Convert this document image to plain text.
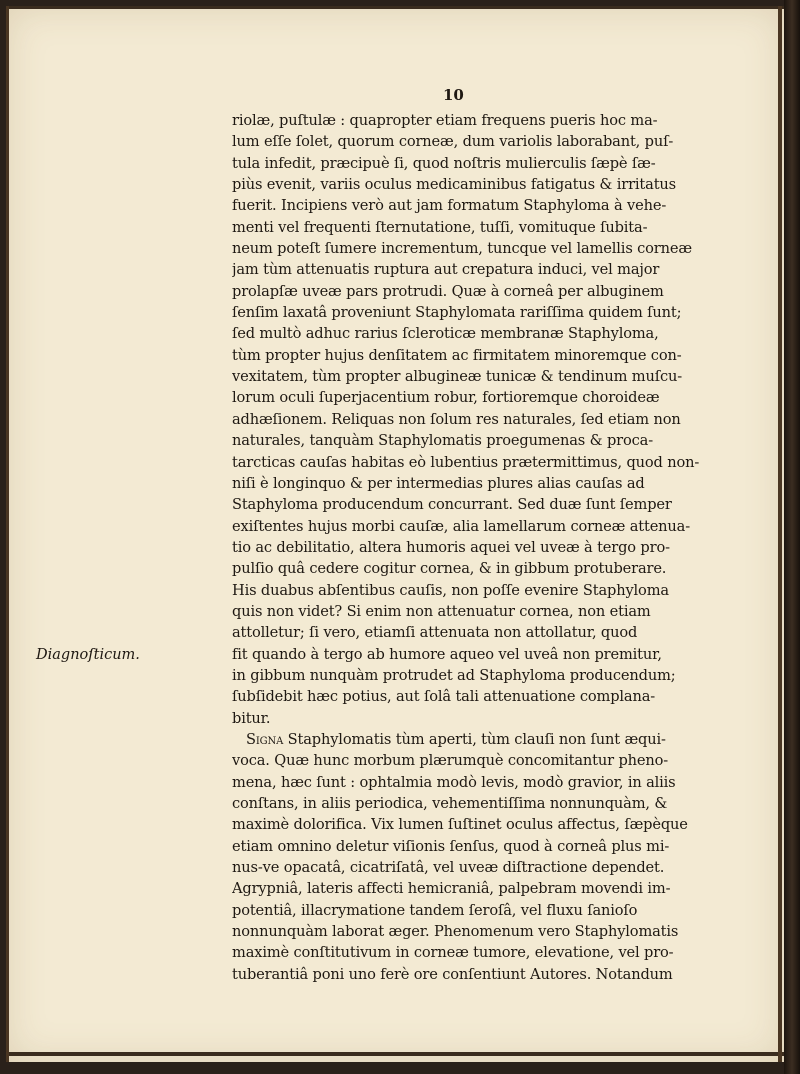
10
Diagnoſticum.
riolæ, puſtulæ : quapropter etiam frequens pueris hoc ma-
lum eſſe ſolet, quorum corneæ, dum variolis laborabant, puſ-
tula infedit, præcipuè ſi, quod noſtris mulierculis ſæpè ſæ-
piùs evenit, variis oculus medicaminibus fatigatus & irritatus
fuerit. Incipiens verò aut jam formatum Staphyloma à vehe-
menti vel frequenti ſternutatione, tuſſi, vomituque ſubita-
neum poteſt ſumere incrementum, tuncque vel lamellis corneæ
jam tùm attenuatis ruptura aut crepatura induci, vel major
prolapſæ uveæ pars protrudi. Quæ à corneâ per albuginem
ſenſim laxatâ proveniunt Staphylomata rariſſima quidem ſunt;
ſed multò adhuc rarius ſcleroticæ membranæ Staphyloma,
tùm propter hujus denſitatem ac firmitatem minoremque con-
vexitatem, tùm propter albugineæ tunicæ & tendinum muſcu-
lorum oculi ſuperjacentium robur, fortioremque choroideæ
adhæſionem. Reliquas non ſolum res naturales, ſed etiam non
naturales, tanquàm Staphylomatis proegumenas & proca-
tarcticas cauſas habitas eò lubentius prætermittimus, quod non-
niſi è longinquo & per intermedias plures alias cauſas ad
Staphyloma producendum concurrant. Sed duæ ſunt ſemper
exiſtentes hujus morbi cauſæ, alia lamellarum corneæ attenua-
tio ac debilitatio, altera humoris aquei vel uveæ à tergo pro-
pulſio quâ cedere cogitur cornea, & in gibbum protuberare.
His duabus abſentibus cauſis, non poſſe evenire Staphyloma
quis non videt? Si enim non attenuatur cornea, non etiam
attolletur; ſi vero, etiamſi attenuata non attollatur, quod
fit quando à tergo ab humore aqueo vel uveâ non premitur,
in gibbum nunquàm protrudet ad Staphyloma producendum;
ſubſidebit hæc potius, aut ſolâ tali attenuatione complana-
bitur.
Signa Staphylomatis tùm aperti, tùm clauſi non ſunt æqui-
voca. Quæ hunc morbum plærumquè concomitantur pheno-
mena, hæc ſunt : ophtalmia modò levis, modò gravior, in aliis
conſtans, in aliis periodica, vehementiſſima nonnunquàm, &
maximè dolorifica. Vix lumen ſuſtinet oculus affectus, ſæpèque
etiam omnino deletur viſionis ſenſus, quod à corneâ plus mi-
nus-ve opacatâ, cicatriſatâ, vel uveæ diſtractione dependet.
Agrypniâ, lateris affecti hemicraniâ, palpebram movendi im-
potentiâ, illacrymatione tandem ſeroſâ, vel fluxu ſanioſo
nonnunquàm laborat æger. Phenomenum vero Staphylomatis
maximè conſtitutivum in corneæ tumore, elevatione, vel pro-
tuberantiâ poni uno ferè ore conſentiunt Autores. Notandum
